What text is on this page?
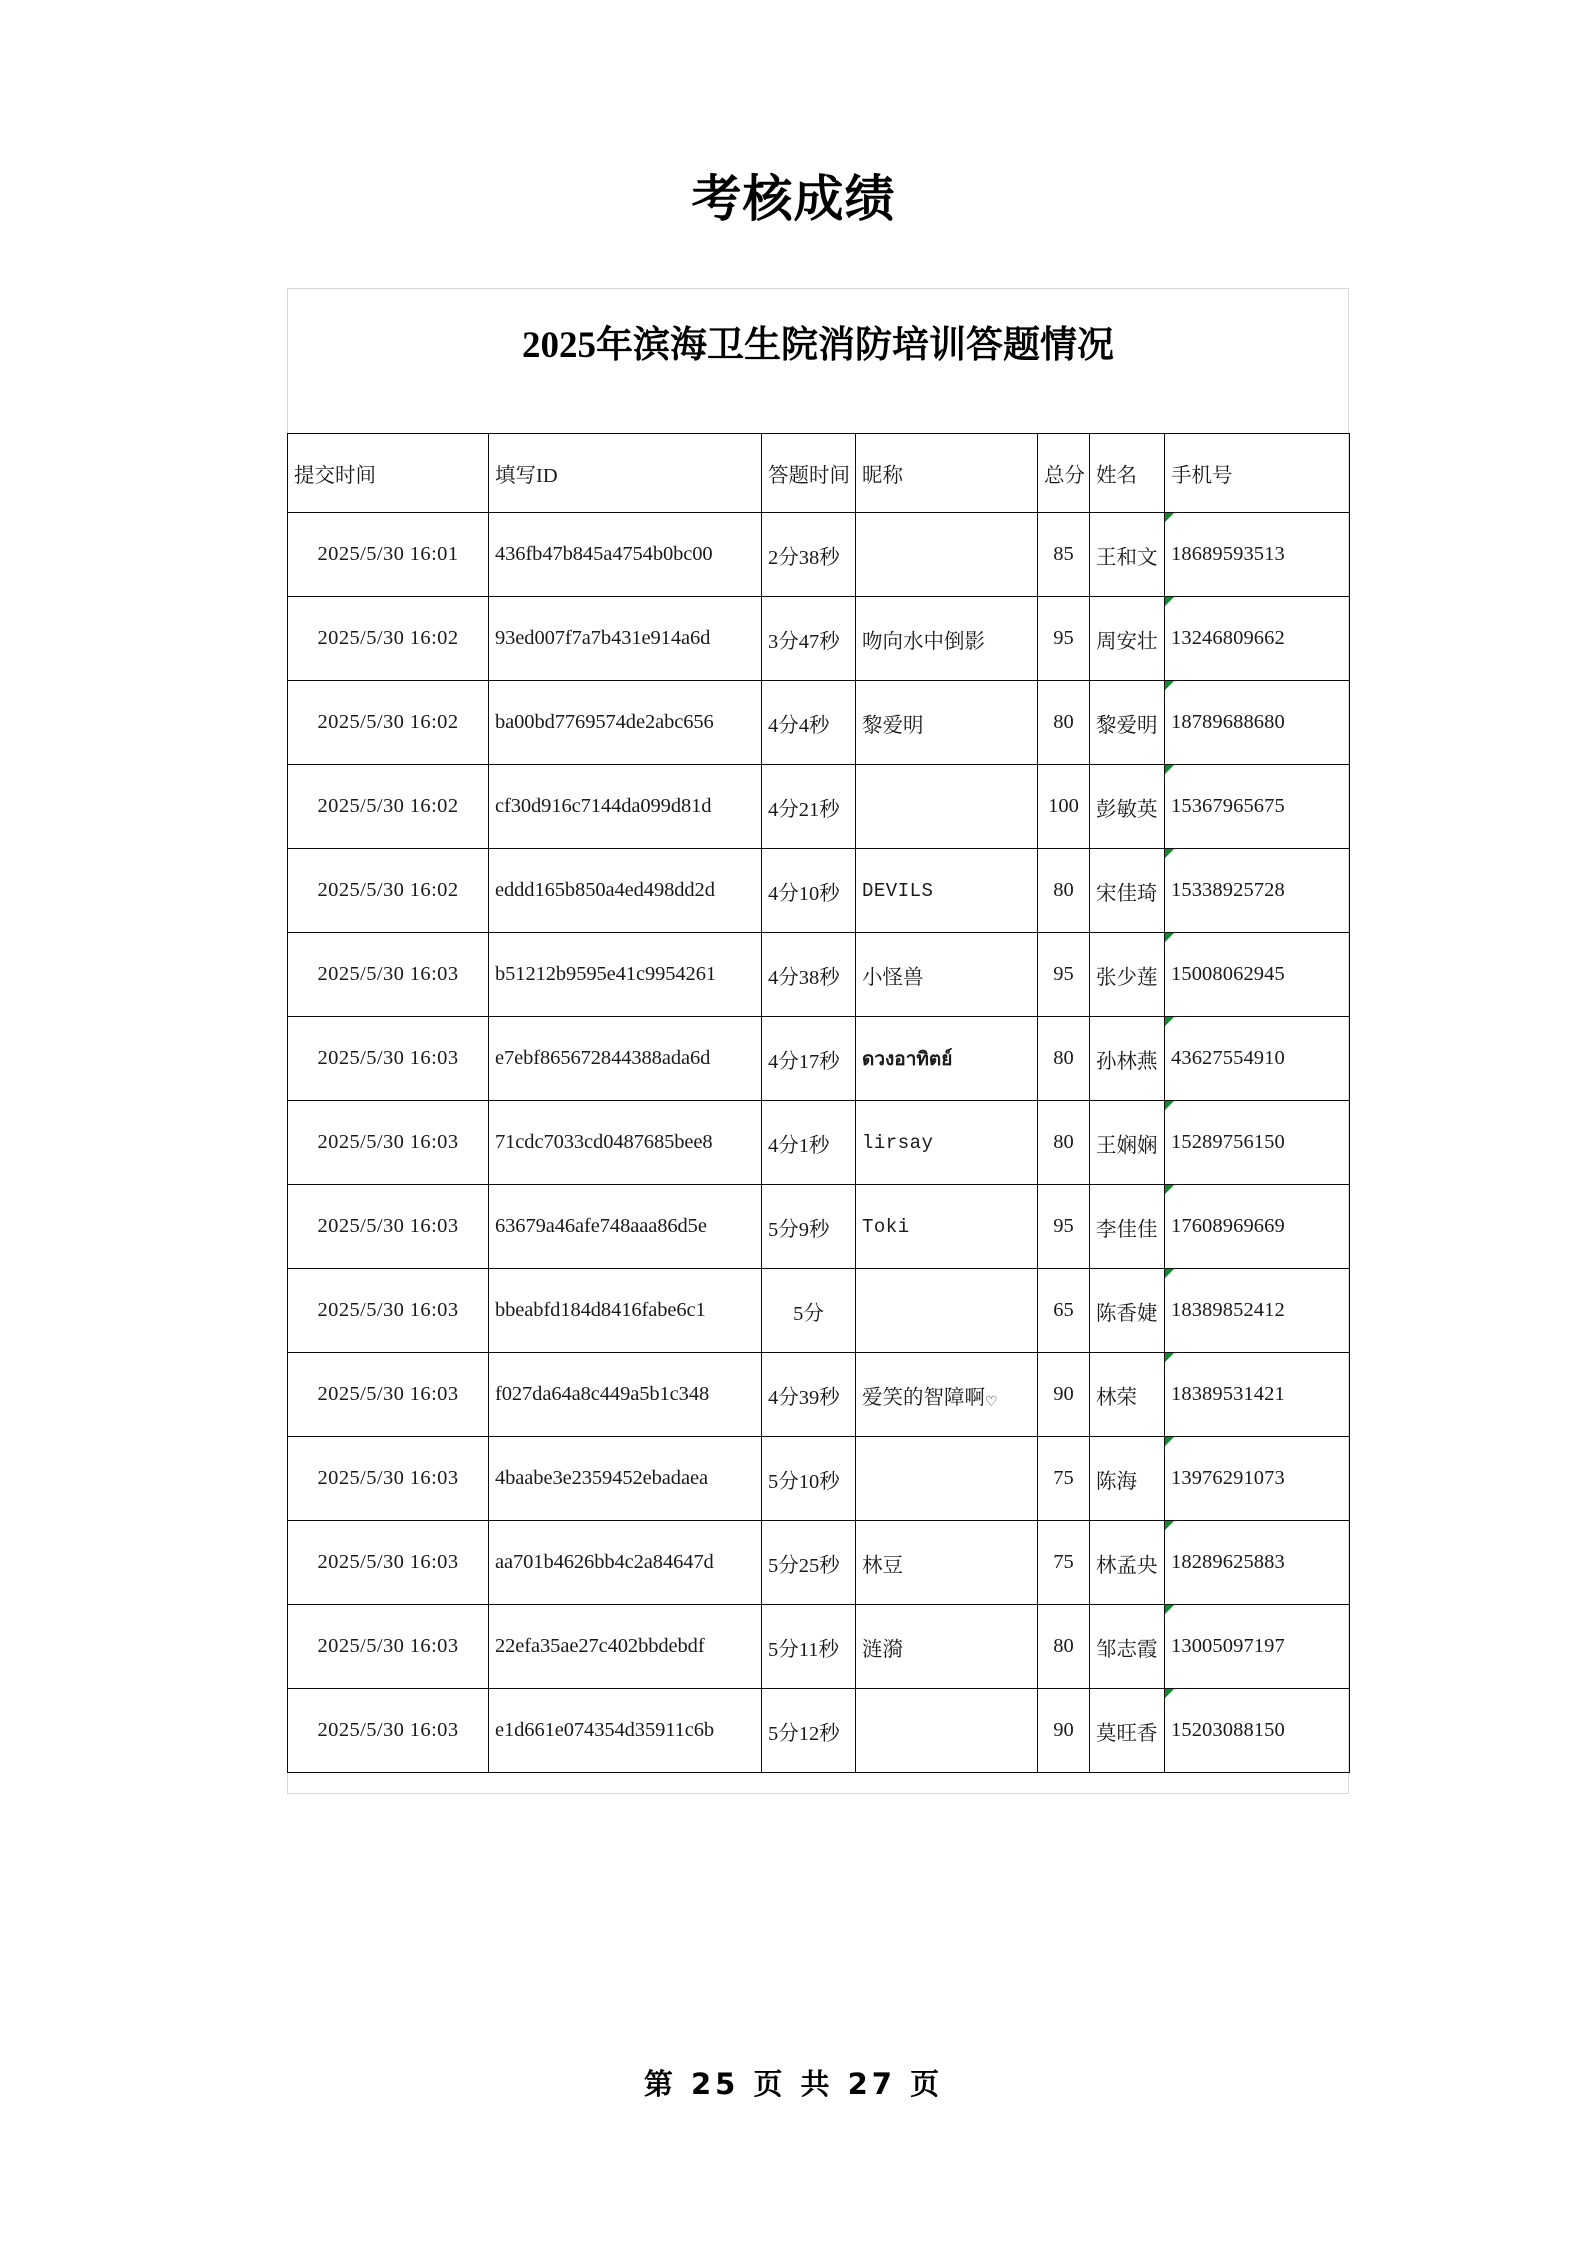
考核成绩
2025年滨海卫生院消防培训答题情况
提交时间	填写ID	答题时间	昵称	总分	姓名	手机号
2025/5/30 16:01	436fb47b845a4754b0bc00	2分38秒		85	王和文	18689593513
2025/5/30 16:02	93ed007f7a7b431e914a6d	3分47秒	吻向水中倒影	95	周安壮	13246809662
2025/5/30 16:02	ba00bd7769574de2abc656	4分4秒	黎爱明	80	黎爱明	18789688680
2025/5/30 16:02	cf30d916c7144da099d81d	4分21秒		100	彭敏英	15367965675
2025/5/30 16:02	eddd165b850a4ed498dd2d	4分10秒	DEVILS	80	宋佳琦	15338925728
2025/5/30 16:03	b51212b9595e41c9954261	4分38秒	小怪兽	95	张少莲	15008062945
2025/5/30 16:03	e7ebf865672844388ada6d	4分17秒	ดวงอาทิตย์	80	孙林燕	43627554910
2025/5/30 16:03	71cdc7033cd0487685bee8	4分1秒	lirsay	80	王娴娴	15289756150
2025/5/30 16:03	63679a46afe748aaa86d5e	5分9秒	Toki	95	李佳佳	17608969669
2025/5/30 16:03	bbeabfd184d8416fabe6c1	5分		65	陈香婕	18389852412
2025/5/30 16:03	f027da64a8c449a5b1c348	4分39秒	爱笑的智障啊♡	90	林荣	18389531421
2025/5/30 16:03	4baabe3e2359452ebadaea	5分10秒		75	陈海	13976291073
2025/5/30 16:03	aa701b4626bb4c2a84647d	5分25秒	林豆	75	林孟央	18289625883
2025/5/30 16:03	22efa35ae27c402bbdebdf	5分11秒	涟漪	80	邹志霞	13005097197
2025/5/30 16:03	e1d661e074354d35911c6b	5分12秒		90	莫旺香	15203088150
第 25 页 共 27 页
